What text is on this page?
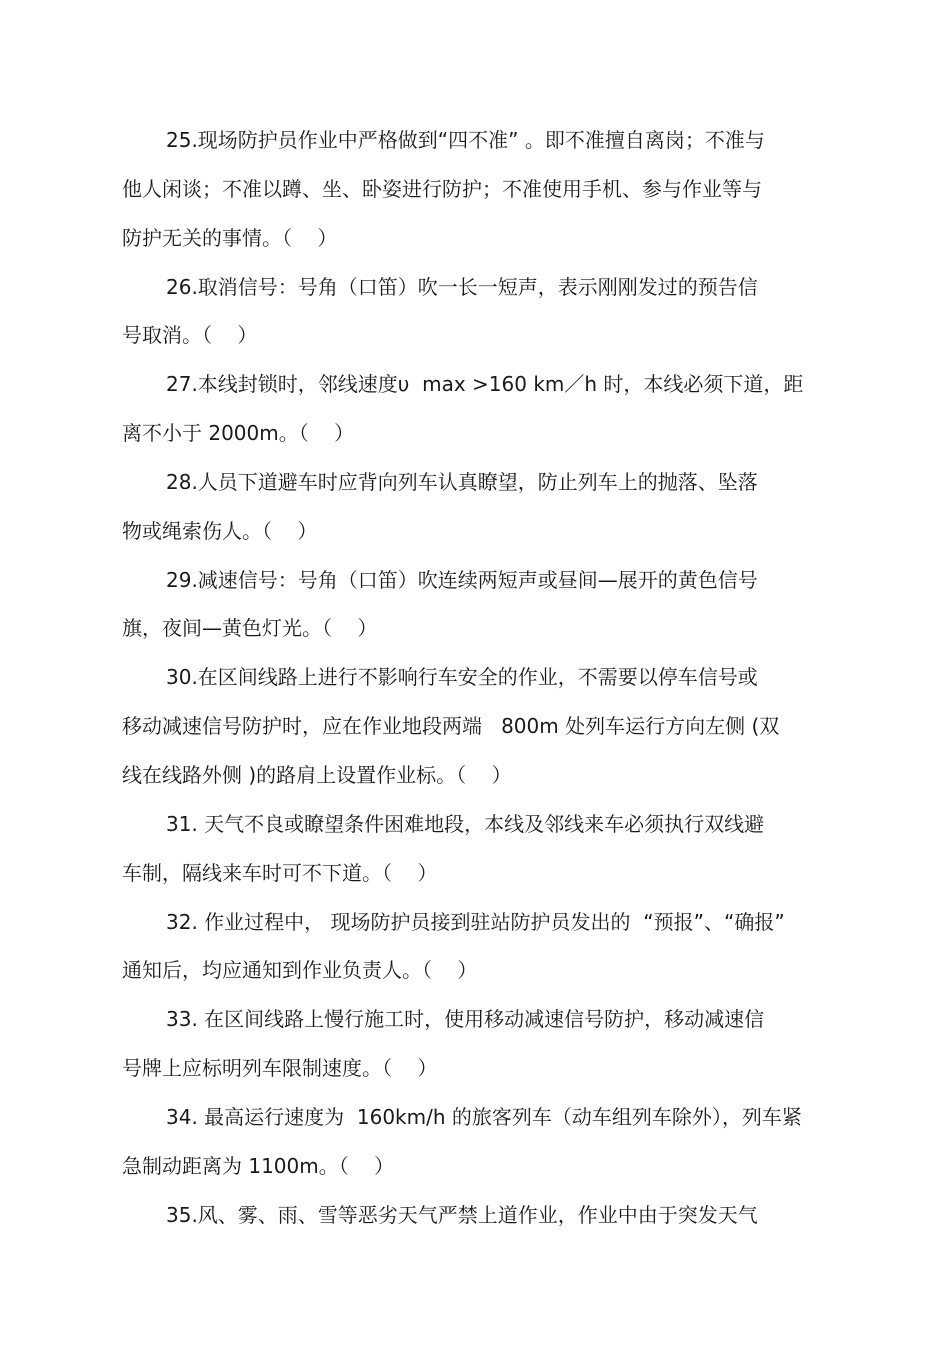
25.现场防护员作业中严格做到“四不准” 。即不准擅自离岗；不准与
他人闲谈；不准以蹲、坐、卧姿进行防护；不准使用手机、参与作业等与
防护无关的事情。（    ）
26.取消信号：号角（口笛）吹一长一短声，表示刚刚发过的预告信
号取消。（    ）
27.本线封锁时，邻线速度υ  max >160 km／h 时，本线必须下道，距
离不小于 2000m。（    ）
28.人员下道避车时应背向列车认真瞭望，防止列车上的抛落、坠落
物或绳索伤人。（    ）
29.减速信号：号角（口笛）吹连续两短声或昼间—展开的黄色信号
旗，夜间—黄色灯光。（    ）
30.在区间线路上进行不影响行车安全的作业，不需要以停车信号或
移动减速信号防护时，应在作业地段两端   800m 处列车运行方向左侧 (双
线在线路外侧 )的路肩上设置作业标。（    ）
31. 天气不良或瞭望条件困难地段，本线及邻线来车必须执行双线避
车制，隔线来车时可不下道。（    ）
32. 作业过程中， 现场防护员接到驻站防护员发出的  “预报”、“确报”
通知后，均应通知到作业负责人。（    ）
33. 在区间线路上慢行施工时，使用移动减速信号防护，移动减速信
号牌上应标明列车限制速度。（    ）
34. 最高运行速度为  160km/h 的旅客列车（动车组列车除外），列车紧
急制动距离为 1100m。（    ）
35.风、雾、雨、雪等恶劣天气严禁上道作业，作业中由于突发天气
